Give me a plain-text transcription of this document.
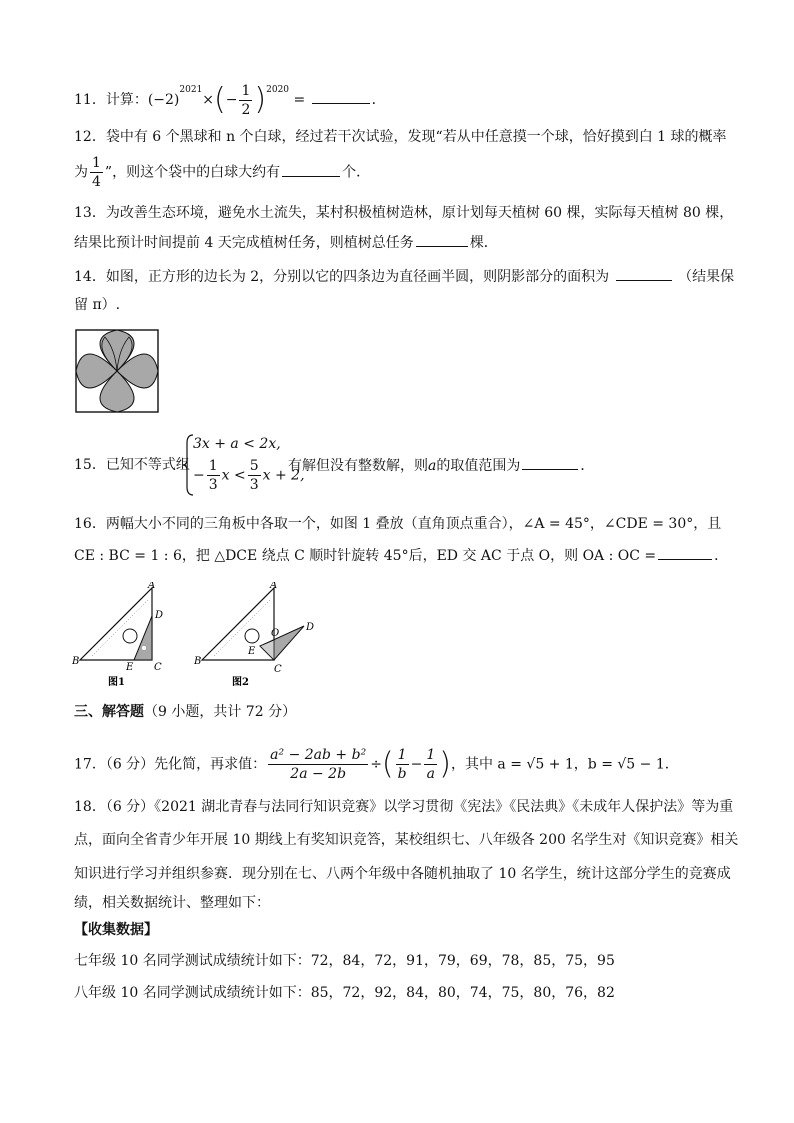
11．计算：$(-2)^{2021}\times(- \frac{1}{2} )^{2020}$ =	．
12．袋中有 6 个黑球和 n 个白球，经过若干次试验，发现“若从中任意摸一个球，恰好摸到白 1 球的概率
为 $\frac{1}{4}$ ”，则这个袋中的白球大约有	个．
13．为改善生态环境，避免水土流失，某村积极植树造林，原计划每天植树 60 棵，实际每天植树 80 棵，
结果比预计时间提前 4 天完成植树任务，则植树总任务	棵．
14．如图，正方形的边长为 2，分别以它的四条边为直径画半圆，则阴影部分的面积为	（结果保
留 π）.
15．已知不等式组
3x + a < 2x,
− $\frac{1}{3}$ $x < \frac{5}{3}$ x + 2,
有解但没有整数解，则a的取值范围为	．
16．两幅大小不同的三角板中各取一个，如图 1 叠放（直角顶点重合），∠A = 45°，∠CDE = 30°，且
CE : BC = 1 : 6，把 △DCE 绕点 C 顺时针旋转 45°后，ED 交 AC 于点 O，则 OA : OC =	．
A
D
B
E C
图1
A
O
D
B
E
C
图2
三、解答题（9 小题，共计 72 分）
17．（6 分）先化简，再求值： $\frac{\text{a² − 2ab + b²}}{2a - 2b}$ ÷( $\frac{1}{b} - \frac{1}{a}$ )，其中 a = √5 + 1，b = √5 − 1．
18．（6 分）《2021 湖北青春与法同行知识竞赛》以学习贯彻《宪法》《民法典》《未成年人保护法》等为重
点，面向全省青少年开展 10 期线上有奖知识竞答，某校组织七、八年级各 200 名学生对《知识竞赛》相关
知识进行学习并组织参赛．现分别在七、八两个年级中各随机抽取了 10 名学生，统计这部分学生的竞赛成
绩，相关数据统计、整理如下：
【收集数据】
七年级 10 名同学测试成绩统计如下：72，84，72，91，79，69，78，85，75，95
八年级 10 名同学测试成绩统计如下：85，72，92，84，80，74，75，80，76，82
